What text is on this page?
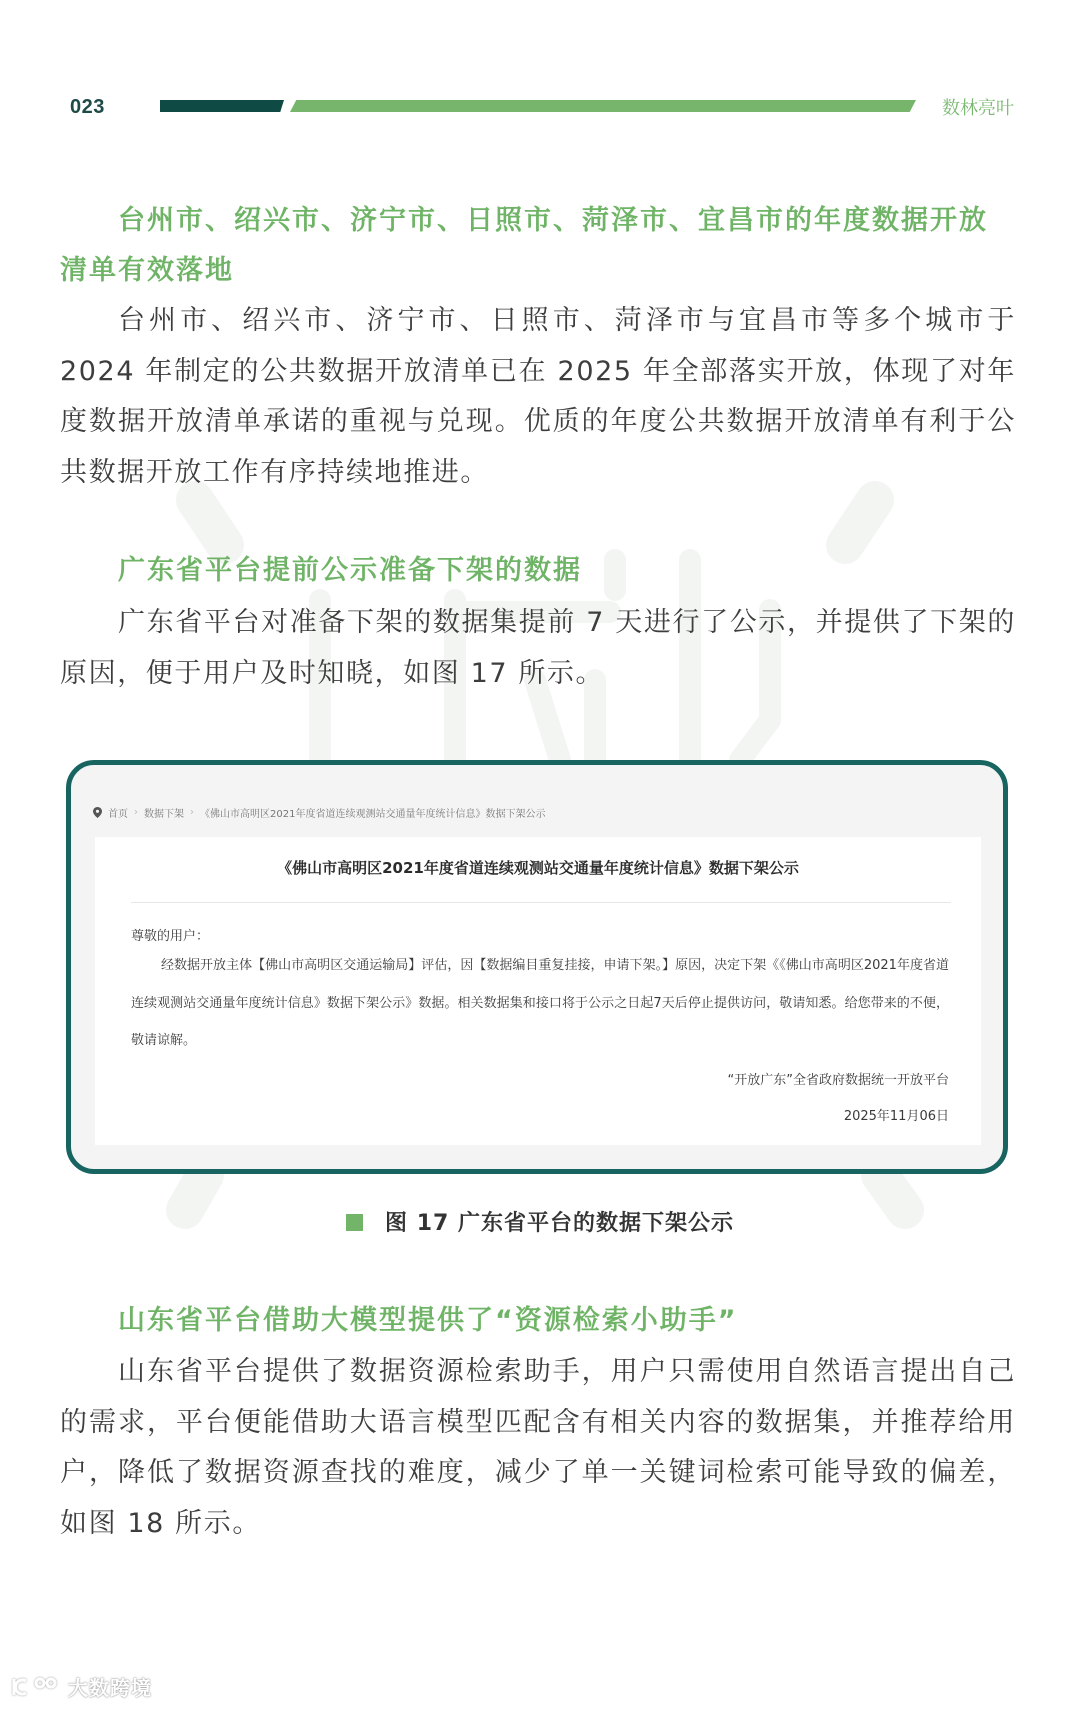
023	数林亮叶
台州市、绍兴市、济宁市、日照市、菏泽市、宜昌市的年度数据开放清单有效落地
台州市、绍兴市、济宁市、日照市、菏泽市与宜昌市等多个城市于 2024 年制定的公共数据开放清单已在 2025 年全部落实开放，体现了对年度数据开放清单承诺的重视与兑现。优质的年度公共数据开放清单有利于公共数据开放工作有序持续地推进。
广东省平台提前公示准备下架的数据
广东省平台对准备下架的数据集提前 7 天进行了公示，并提供了下架的原因，便于用户及时知晓，如图 17 所示。
首页 › 数据下架 › 《佛山市高明区2021年度省道连续观测站交通量年度统计信息》数据下架公示
《佛山市高明区2021年度省道连续观测站交通量年度统计信息》数据下架公示
尊敬的用户：
经数据开放主体【佛山市高明区交通运输局】评估，因【数据编目重复挂接，申请下架。】原因，决定下架《《佛山市高明区2021年度省道连续观测站交通量年度统计信息》数据下架公示》数据。相关数据集和接口将于公示之日起7天后停止提供访问，敬请知悉。给您带来的不便，敬请谅解。
“开放广东”全省政府数据统一开放平台
2025年11月06日
图 17 广东省平台的数据下架公示
山东省平台借助大模型提供了“资源检索小助手”
山东省平台提供了数据资源检索助手，用户只需使用自然语言提出自己的需求，平台便能借助大语言模型匹配含有相关内容的数据集，并推荐给用户，降低了数据资源查找的难度，减少了单一关键词检索可能导致的偏差，如图 18 所示。
大数跨境
